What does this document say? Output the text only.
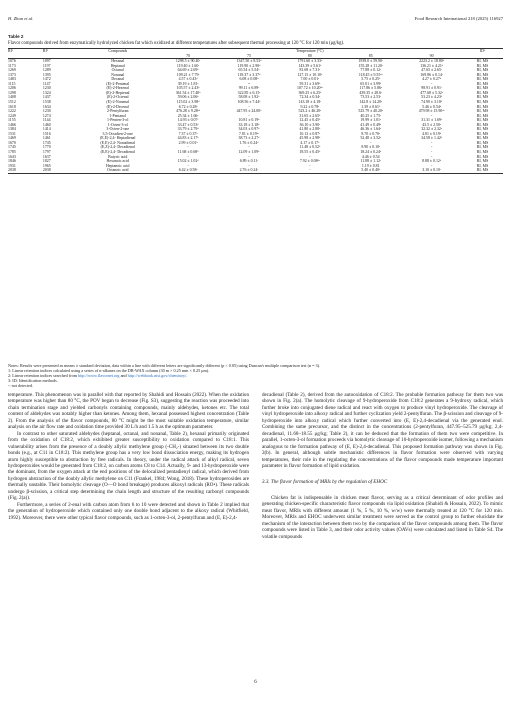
H. Zhan et al.	Food Research International 218 (2025) 116927
Table 2
Flavor compounds derived from enzymatically hydrolyzed chicken fat which oxidized at different temperatures after subsequent thermal processing at 120 °C for 120 min (μg/kg).
RI¹	RI²	Compounds	Temperature (°C)					ID³
			70	75	80	85	90	
1076	1097	Hexanal	1298.5 ± 90.40ᵉ	1347.50 ± 8.53ᵈ	1791.60 ± 3.33ᵇ	1939.0 ± 59.90ᶜ	2223.2 ± 18.80ᵈ	RI, MS
1173	1197	Heptanal	119.40 ± 1.60ᵉ	119.90 ± 2.90ᵈ	143.39 ± 5.61ᵇ	155.28 ± 11.20ᶜ	136.21 ± 4.21ᵇ	RI, MS
1269	1289	Octanal	64.69 ± 2.69ᵇ	65.54 ± 5.54ᵇ	81.69 ± 7.31ᵃ	77.88 ± 0.12ᶜ	47.65 ± 2.65ᵉ	RI, MS
1373	1395	Nonanal	109.21 ± 7.79ᵉ	118.37 ± 3.37ᵈ	127.15 ± 10.10ᵇ	118.45 ± 9.55ᵃᵇ	169.86 ± 0.14ᶜ	RI, MS
1483	1472	Decanal	4.57 ± 0.43ᵈ	6.08 ± 0.08ᵇ	7.00 ± 0.01ᵃ	5.75 ± 0.25ᵇ	4.27 ± 0.27ᵈ	RI, MS
1115	1147	(E)-2-Pentenal	39.19 ± 1.81ᵃ	-ᶜ	59.31 ± 3.69ᵇ	65.01 ± 3.99ᵈ	-	RI, MS
1206	1230	(E)-2-Hexenal	105.57 ± 2.43ᵇ	99.11 ± 6.89ᶜ	107.72 ± 10.20ᵃᵇ	117.86 ± 5.86ᵃ	98.91 ± 0.91ᵉ	RI, MS
1298	1324	(E)-2-Heptenal	361.54 ± 17.40ᵇ	322.85 ± 6.15ᶜ	369.25 ± 6.25ᵇ	439.35 ± 28.6ᶜ	477.68 ± 5.32ᵃ	RI, MS
1408	1437	(E)-2-Octenal	59.06 ± 2.06ᵇ	58.08 ± 1.92ᵇ	72.34 ± 0.34ᶜ	73.53 ± 2.53ᶜ	53.23 ± 4.23ᵈ	RI, MS
1512	1538	(E)-2-Nonenal	115.02 ± 3.98ᵈ	108.56 ± 7.44ᵇ	143.18 ± 4.18ᶜ	142.8 ± 14.20ᵃ	74.90 ± 3.10ᵈ	RI, MS
1618	1634	(E)-2-Decenal	6.72 ± 0.28ᵃ	-	9.22 ± 0.78ᵃ	1.39 ± 0.61ᵇ	5.46 ± 0.54ᵇ	RI, MS
1222	1230	2-Pentylfuran	476.28 ± 9.28ᵃᵇ	447.95 ± 24.00ᵇ	523.2 ± 46.20ᵃ	525.79 ± 40.20ᵃ	479.98 ± 15.90ᵃᵇ	RI, MS
1249	1274	1-Pentanol	25.34 ± 1.66ᵃ	-	31.65 ± 2.65ᵇ	40.25 ± 1.75ᶜ	-	RI, MS
1155	1144	1-Penten-3-ol	14.93 ± 0.07ᶜ	10.81 ± 0.19ᵈ	12.45 ± 0.45ᵇ	19.99 ± 1.01ᵃ	31.31 ± 1.69ᵃ	RI, MS
1466	1460	1-Octen-3-ol	33.47 ± 0.53ᵈ	33.18 ± 3.18ᵈ	36.10 ± 3.90ᶜ	41.49 ± 0.49ᵇ	43.5 ± 2.50ᵃ	RI, MS
1384	1414	3-Octen-2-one	33.79 ± 2.79ᵈ	34.03 ± 0.97ᵈ	41.80 ± 2.80ᵇ	46.36 ± 1.64ᵃ	32.32 ± 2.32ᵃ	RI, MS
1531	1516	3,5-Octadien-2-one	7.37 ± 0.37ᵇ	7.81 ± 0.19ᵇᶜ	10.13 ± 0.87ᵃ	8.70 ± 0.70ᵃ	4.81 ± 0.19ᵈ	RI, MS
1469	1461	(E,E)-2,4- Heptadienal	44.83 ± 2.17ᵇ	38.73 ± 2.27ᵈ	45.98 ± 2.98ᵇ	52.48 ± 3.52ᵃ	34.58 ± 1.42ᵈ	RI, MS
1670	1745	(E,E)-2,4- Nonadienal	2.99 ± 0.01ᵇ	1.76 ± 0.24ᵈ	4.17 ± 0.17ᵇ	-	-	RI, MS
1745	1770	(E,Z)-2,4- Decadienal	-	-	11.48 ± 0.52ᵇ	8.90 ± 0.10ᵃ	-	RI, MS
1785	1797	(E,E)-2,4- Decadienal	11.68 ± 0.68ᵇ	12.09 ± 1.09ᵇ	18.55 ± 0.45ᵇ	18.24 ± 0.24ᵇ	-	RI, MS
1643	1637	Butyric acid	-	-	-	4.46 ± 0.54	-	RI, MS
1846	1827	Hexanoic acid	15.02 ± 1.02ᵈ	6.89 ± 0.11ᵉ	7.92 ± 0.08ᵃᵇ	11.88 ± 1.12ᶜ	8.88 ± 0.12ᵇ	RI, MS
1931	1965	Heptanoic acid	-	-	-	1.19 ± 0.81	-	RI, MS
2038	2038	Octanoic acid	6.42 ± 0.58ᵃ	2.76 ± 0.24ᵉ	-	5.40 ± 0.40ᵇ	3.10 ± 0.10ᵉ	RI, MS
Notes: Results were presented as means ± standard deviation, data within a line with different letters are significantly different (p < 0.05) using Duncan's multiple comparison test (n = 3).
1: Linear retention indices calculated using a series of n-alkanes on the DB-WAX column (30 m × 0.25 mm × 0.25 μm).
2: Linear retention indices searched from http://www.flavornet.org and http://webbook.nist.gov/chemistry/.
3: ID: Identification methods.
-: not detected.

temperature. This phenomenon was in parallel with that reported by Shahidi and Hossain (2022). When the oxidation temperature was higher than 80 °C, the POV began to decrease (Fig. S3), suggesting the reaction was proceeded into chain termination stage and yielded carbonyls containing compounds, mainly aldehydes, ketones etc. The total content of aldehydes was notably higher than ketones. Among them, hexanal possessed highest concentration (Table 2). From the analysis of the flavor compounds, 80 °C might be the most suitable oxidation temperature, similar analysis on the air flow rate and oxidation time provided 30 L/h and 1.5 h as the optimum parameter.

In contrast to other saturated aldehydes (heptanal, octanal, and nonanal, Table 2), hexanal primarily originated from the oxidation of C18:2, which exhibited greater susceptibility to oxidation compared to C18:1. This vulnerability arises from the presence of a doubly allylic methylene group (-CH₂-) situated between its two double bonds (e.g., at C11 in C18:2). This methylene group has a very low bond dissociation energy, making its hydrogen atom highly susceptible to abstraction by free radicals. In theory, under the radical attack of alkyl radical, seven hydroperoxides would be generated from C18:2, on carbon atoms C8 to C14. Actually, 9- and 13-hydroperoxide were the dominant, from the oxygen attack at the end positions of the delocalized pentadienyl radical, which derived from hydrogen abstraction of the doubly allylic methylene on C11 (Frankel, 1984; Wong, 2018). These hydroperoxides are thermally unstable. Their homolytic cleavage (O—O bond breakage) produces alkoxyl radicals (RO•). These radicals undergo β-scission, a critical step determining the chain length and structure of the resulting carbonyl compounds (Fig. 2(a)).

Furthermore, a series of 2-enal with carbon atom from 6 to 10 were detected and shown in Table 2 implied that the generation of hydroperoxide which contained only one double bond adjacent to the alkoxy radical (Whitfield, 1992). Moreover, there were other typical flavor compounds, such as 1-octen-3-ol, 2-pentylfuran and (E, E)-2,4-

decadienal (Table 2), derived from the autooxidation of C18:2. The probable formation pathway for them two was shown in Fig. 2(a). The homolytic cleavage of 9-hydroperoxide from C18:2 generates a 9-hydroxy radical, which further broke into conjugated diene radical and react with oxygen to produce vinyl hydroperoxide. The cleavage of vinyl hydroperoxide into alkoxy radical and further cyclization yield 2-pentylfuran. The β-scission and cleavage of 9-hydroperoxide into alkoxy radical which further converted into (E, E)-2,4-decadienal via the generated enol. Combining the same precursor, and the distinct in the concentrations (2-pentylfuran, 447.95–525.79 μg/kg; 2,4-decadienal, 11.68–18.55 μg/kg; Table 2), it can be deduced that the formation of them two were competitive. In parallel, 1-octen-3-ol formation proceeds via homolytic cleavage of 10-hydroperoxide isomer, following a mechanism analogous to the formation pathway of (E, E)-2,4-decadienal. This proposed formation pathway was shown in Fig. 2(b). In general, although subtle mechanistic differences in flavor formation were observed with varying temperatures, their role in the regulating the concentrations of the flavor compounds made temperature important parameter in flavor formation of lipid oxidation.

3.3. The flavor formation of MRIs by the regulation of EHOC

Chicken fat is indispensable in chicken meat flavor, serving as a critical determinant of odor profiles and generating chicken-specific characteristic flavor compounds via lipid oxidation (Shahidi & Hossain, 2022). To mimic meat flavor, MRIs with different amount (1 %, 5 %, 10 %, w/w) were thermally treated at 120 °C for 120 min. Moreover, MRIs and EHOC underwent similar treatment were served as the control group to further elucidate the mechanism of the interaction between them two by the comparison of the flavor compounds among them. The flavor compounds were listed in Table 3, and their odor activity values (OAVs) were calculated and listed in Table S4. The volatile compounds

6
